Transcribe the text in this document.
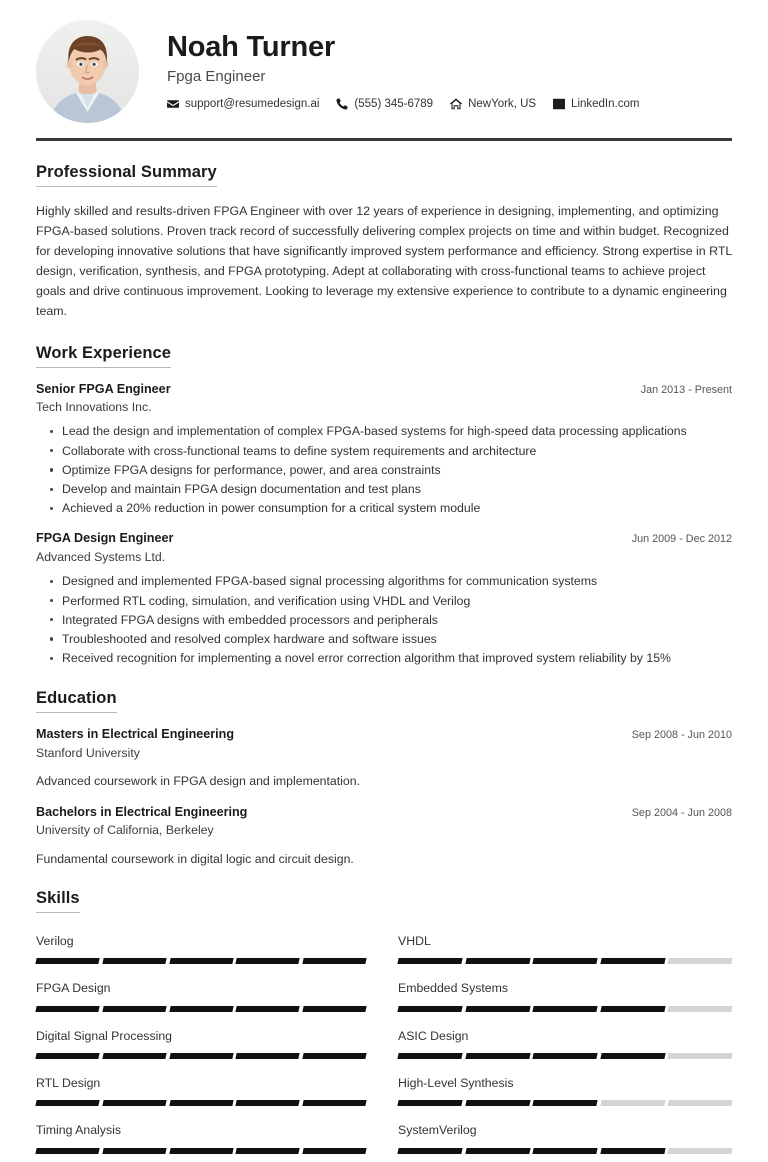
Noah Turner
Fpga Engineer
support@resumedesign.ai	(555) 345-6789	NewYork, US	LinkedIn.com
Professional Summary
Highly skilled and results-driven FPGA Engineer with over 12 years of experience in designing, implementing, and optimizing FPGA-based solutions. Proven track record of successfully delivering complex projects on time and within budget. Recognized for developing innovative solutions that have significantly improved system performance and efficiency. Strong expertise in RTL design, verification, synthesis, and FPGA prototyping. Adept at collaborating with cross-functional teams to achieve project goals and drive continuous improvement. Looking to leverage my extensive experience to contribute to a dynamic engineering team.
Work Experience
Senior FPGA Engineer	Jan 2013 - Present
Tech Innovations Inc.
Lead the design and implementation of complex FPGA-based systems for high-speed data processing applications
Collaborate with cross-functional teams to define system requirements and architecture
Optimize FPGA designs for performance, power, and area constraints
Develop and maintain FPGA design documentation and test plans
Achieved a 20% reduction in power consumption for a critical system module
FPGA Design Engineer	Jun 2009 - Dec 2012
Advanced Systems Ltd.
Designed and implemented FPGA-based signal processing algorithms for communication systems
Performed RTL coding, simulation, and verification using VHDL and Verilog
Integrated FPGA designs with embedded processors and peripherals
Troubleshooted and resolved complex hardware and software issues
Received recognition for implementing a novel error correction algorithm that improved system reliability by 15%
Education
Masters in Electrical Engineering	Sep 2008 - Jun 2010
Stanford University
Advanced coursework in FPGA design and implementation.
Bachelors in Electrical Engineering	Sep 2004 - Jun 2008
University of California, Berkeley
Fundamental coursework in digital logic and circuit design.
Skills
Verilog	VHDL
FPGA Design	Embedded Systems
Digital Signal Processing	ASIC Design
RTL Design	High-Level Synthesis
Timing Analysis	SystemVerilog
